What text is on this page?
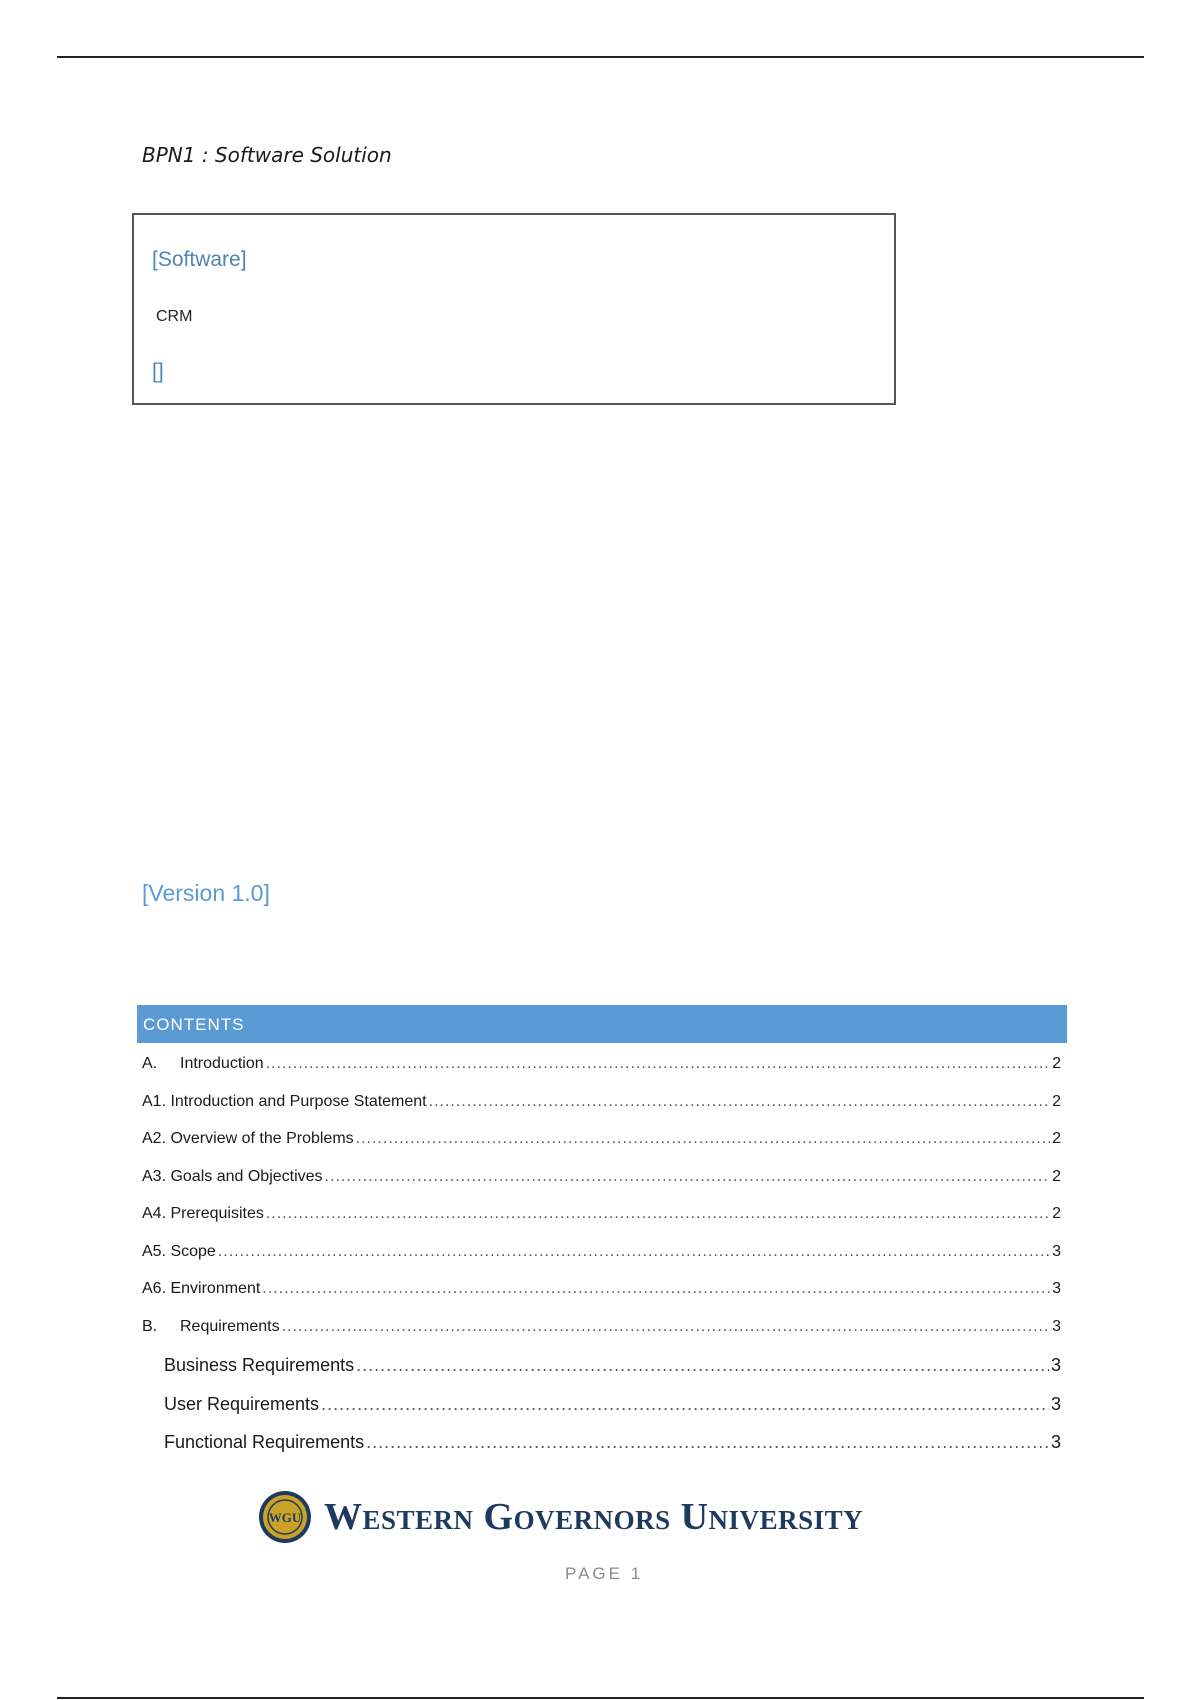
BPN1 : Software Solution
[Software]
CRM
[]
[Version 1.0]
CONTENTS
A.	Introduction .....	2
A1. Introduction and Purpose Statement .....	2
A2. Overview of the Problems .....	2
A3. Goals and Objectives .....	2
A4. Prerequisites .....	2
A5. Scope .....	3
A6. Environment .....	3
B.	Requirements .....	3
Business Requirements .....	3
User Requirements .....	3
Functional Requirements .....	3
WGU Western Governors University
PAGE 1
